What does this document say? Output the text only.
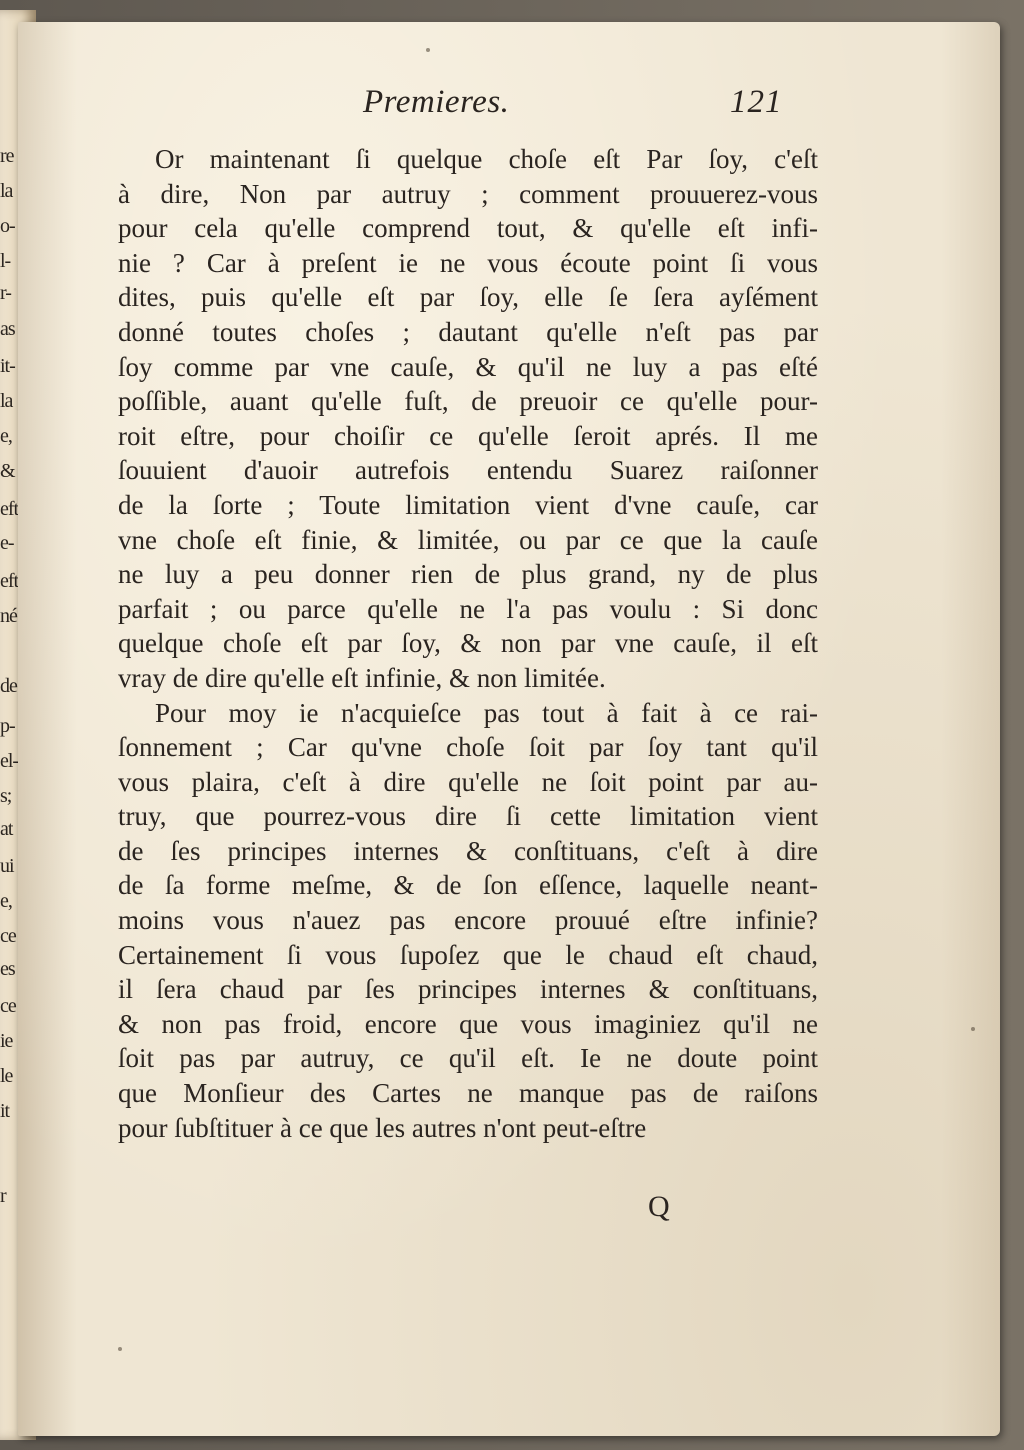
re
la
o-
l-
r-
as
it-
la
e,
&
eft
e-
eft
né
de
p-
el-
s;
at
ui
e,
ce
es
ce
ie
le
it
r
Premieres.	121
Or maintenant ſi quelque choſe eſt Par ſoy, c'eſt
à dire, Non par autruy ; comment prouuerez-vous
pour cela qu'elle comprend tout, & qu'elle eſt infi-
nie ? Car à preſent ie ne vous écoute point ſi vous
dites, puis qu'elle eſt par ſoy, elle ſe ſera ayſément
donné toutes choſes ; dautant qu'elle n'eſt pas par
ſoy comme par vne cauſe, & qu'il ne luy a pas eſté
poſſible, auant qu'elle fuſt, de preuoir ce qu'elle pour-
roit eſtre, pour choiſir ce qu'elle ſeroit aprés. Il me
ſouuient d'auoir autrefois entendu Suarez raiſonner
de la ſorte ; Toute limitation vient d'vne cauſe, car
vne choſe eſt finie, & limitée, ou par ce que la cauſe
ne luy a peu donner rien de plus grand, ny de plus
parfait ; ou parce qu'elle ne l'a pas voulu : Si donc
quelque choſe eſt par ſoy, & non par vne cauſe, il eſt
vray de dire qu'elle eſt infinie, & non limitée.
Pour moy ie n'acquieſce pas tout à fait à ce rai-
ſonnement ; Car qu'vne choſe ſoit par ſoy tant qu'il
vous plaira, c'eſt à dire qu'elle ne ſoit point par au-
truy, que pourrez-vous dire ſi cette limitation vient
de ſes principes internes & conſtituans, c'eſt à dire
de ſa forme meſme, & de ſon eſſence, laquelle neant-
moins vous n'auez pas encore prouué eſtre infinie?
Certainement ſi vous ſupoſez que le chaud eſt chaud,
il ſera chaud par ſes principes internes & conſtituans,
& non pas froid, encore que vous imaginiez qu'il ne
ſoit pas par autruy, ce qu'il eſt. Ie ne doute point
que Monſieur des Cartes ne manque pas de raiſons
pour ſubſtituer à ce que les autres n'ont peut-eſtre
Q
